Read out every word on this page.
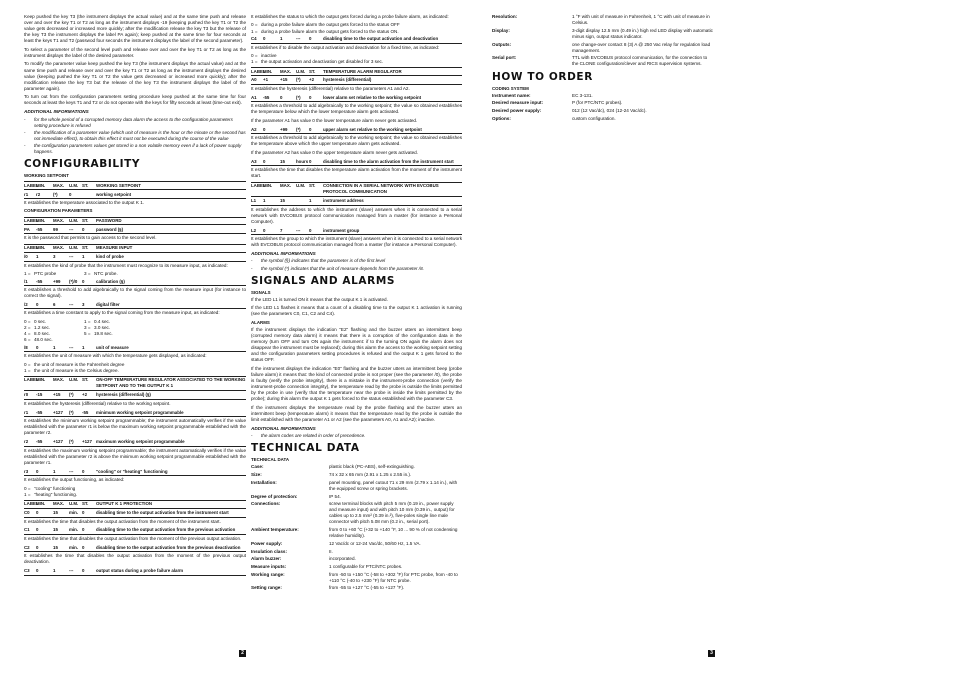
Keep pushed the key T3 (the instrument displays the actual value) and at the same time push and release over and over the key T1 or T2 as long as the instrument displays -19 (keeping pushed the key T1 or T2 the value gets decreased or increased more quickly; after the modification release the key T3 but the release of the key T3 the instrument displays the label PA again); keep pushed at the same time for four seconds at least the keys T1 and T2 (passwod four seconds the instrument displays the label of the second parameter).

To select a parameter of the second level push and release over and over the key T1 or T2 as long as the instrument displays the label of the desired parameter.

To modify the parameter value keep pushed the key T3 (the instrument displays the actual value) and at the same time push and release over and over the key T1 or T2 as long as the instrument displays the desired value (keeping pushed the key T1 or T2 the value gets decreased or increased more quickly); after the modification release the key T3 but the release of the key T3 the instrument displays the label of the parameter again).

To turn out from the configuration parameters setting procedure keep pushed at the same time for four seconds at least the keys T1 and T2 or do not operate with the keys for fifty seconds at least (time-out exit).

ADDITIONAL INFORMATIONS
-	for the whole period of a corrupted memory data alarm the access to the configuration parameters setting procedure is refused
-	the modification of a parameter value (which unit of measure is the hour or the minute or the second has not immediate effect), to obtain this effect it must not be executed during the course of the value
-	the configuration parameters values get stored in a non volatile memory even if a lack of power supply happens.
CONFIGURABILITY
WORKING SETPOINT
LABEL
MIN.	MAX.	U.M. ST.	WORKING SETPOINT
r1	r2	(*)	0	working setpoint

It establishes the temperature associated to the output K 1.

CONFIGURATION PARAMETERS
LABEL
MIN.	MAX.	U.M. ST.	PASSWORD
PA	-55	99	---	0	password (§)

It is the password that permits to gain access to the second level.

LABEL
MIN.	MAX.	U.M. ST.	MEASURE INPUT
/0	1	3	---	1	kind of probe

It establishes the kind of probe that the instrument must recognize to its measure input, as indicated:

1 = PTC probe	3 = NTC probe.
/1	-55	+99	(*)/0	0	calibration (§)

It establishes a threshold to add algebraically to the signal coming from the measure input (for instance to correct the signal).

/2	0	6	---	3	digital filter

It establishes a time constant to apply to the signal coming from the measure input, as indicated:

0 = 0 sec.	1 = 0.4 sec.
2 = 1.2 sec.	3 = 3.0 sec.
4 = 8.0 sec.	5 = 19.8 sec.
6 = 48.0 sec.
/8	0	1	---	1	unit of measure

It establishes the unit of measure with which the temperature gets displayed, as indicated:

0 = the unit of measure is the Fahrenheit degree
1 = the unit of measure is the Celsius degree.
LABEL
MIN.	MAX.	U.M. ST.	ON-OFF TEMPERATURE REGULATOR ASSOCIATED TO THE WORKING SETPOINT AND TO THE OUTPUT K 1
r0	-15	+15	(*)	+2	hysteresis (differential) (§)

It establishes the hysteresis (differential) relative to the working setpoint.

r1	-55	+127	(*)	-55	minimum working setpoint programmable

It establishes the minimum working setpoint programmable; the instrument automatically verifies if the value established with the parameter r1 is below the maximum working setpoint programmable established with the parameter r2.

r2	-55	+127	(*)	+127 maximum working setpoint programmable

It establishes the maximum working setpoint programmable; the instrument automatically verifies if the value established with the parameter r2 is above the minimum working setpoint programmable established with the parameter r1.

r3	0	1	---	0	"cooling" or "heating" functioning

It establishes the output functioning, as indicated:

0 = "cooling" functioning
1 = "heating" functioning.
LABEL
MIN.	MAX.	U.M. ST.	OUTPUT K 1 PROTECTION
C0	0	15	min. 0	disabling time to the output activation from the instrument start

It establishes the time that disables the output activation from the moment of the instrument start.

C1	0	15	min. 0	disabling time to the output activation from the previous activation

It establishes the time that disables the output activation from the moment of the previous output activation.

C2	0	15	min. 0	disabling time to the output activation from the previous deactivation

It establishes the time that disables the output activation from the moment of the previous output deactivation.

C3	0	1	---	0	output status during a probe failure alarm
2

It establishes the status to which the output gets forced during a probe failure alarm, as indicated:

0 = during a probe failure alarm the output gets forced to the status OFF
1 = during a probe failure alarm the output gets forced to the status ON.
C4	0	1	---	0	disabling time to the output activation and deactivation

It establishes if to disable the output activation and deactivation for a fixed time, as indicated:

0 = inactive
1 = the output activation and deactivation get disabled for 3 sec.
LABEL
MIN.	MAX.	U.M. ST.	TEMPERATURE ALARM REGULATOR
A0	+1	+15	(*)	+2	hysteresis (differential)

It establishes the hysteresis (differential) relative to the parameters A1 and A2.

A1	-55	0	(*)	0	lower alarm set relative to the working setpoint

It establishes a threshold to add algebraically to the working setpoint; the value so obtained establishes the temperature below which the lower temperature alarm gets activated.

If the parameter A1 has value 0 the lower temperature alarm never gets activated.

A2	0	+99	(*)	0	upper alarm set relative to the working setpoint

It establishes a threshold to add algebraically to the working setpoint; the value so obtained establishes the temperature above which the upper temperature alarm gets activated.

If the parameter A2 has value 0 the upper temperature alarm never gets activated.

A3	0	15	hours 0	disabling time to the alarm activation from the instrument start

It establishes the time that disables the temperature alarm activation from the moment of the instrument start.

LABEL
MIN.	MAX.	U.M. ST.	CONNECTION IN A SERIAL NETWORK WITH EVCOBUS PROTOCOL COMMUNICATION
L1	1	15	1	instrument address

It establishes the address to which the instrument (slave) answers when it is connected to a serial network with EVCOBUS protocol communication managed from a master (for instance a Personal Computer).

L2	0	7	---	0	instrument group

It establishes the group to which the instrument (slave) answers when it is connected to a serial network with EVCOBUS protocol communication managed from a master (for instance a Personal Computer).

ADDITIONAL INFORMATIONS
-	the symbol (§) indicates that the parameter is of the first level
-	the symbol (*) indicates that the unit of measure depends from the parameter /8.
SIGNALS AND ALARMS
SIGNALS

If the LED L1 is turned ON it means that the output K 1 is activated.

If the LED L1 flashes it means that a count of a disabling time to the output K 1 activation is running (see the parameters C0, C1, C2 and C4).

ALARMS

If the instrument displays the indication "E2" flashing and the buzzer utters an intermittent beep (corrupted memory data alarm) it means that there is a corruption of the configuration data in the memory (turn OFF and turn ON again the instrument: if to the turning ON again the alarm does not disappear the instrument must be replaced); during this alarm the access to the working setpoint setting and the configuration parameters setting procedures is refused and the output K 1 gets forced to the status OFF.

If the instrument displays the indication "E0" flashing and the buzzer utters an intermittent beep (probe failure alarm) it means that: the kind of connected probe is not proper (see the parameter /0), the probe is faulty (verify the probe integrity), there is a mistake in the instrument-probe connection (verify the instrument-probe connection integrity), the temperature read by the probe is outside the limits permitted by the probe in use (verify that the temperature near the probe is inside the limits permitted by the probe); during this alarm the output K 1 gets forced to the status established with the parameter C3.

If the instrument displays the temperature read by the probe flashing and the buzzer utters an intermittent beep (temperature alarm) it means that the temperature read by the probe is outside the limit established with the parameter A1 or A2 (see the parameters A0, A1 and A2); inactive.

ADDITIONAL INFORMATIONS
-	the alarm codes are related in order of precedence.
TECHNICAL DATA
TECHNICAL DATA
Case:	plastic black (PC-ABS), self-extinguishing.
Size:	74 x 32 x 65 mm (2.91 x 1.25 x 2.55 in.).
Installation:	panel mounting, panel cutout 71 x 29 mm (2.79 x 1.14 in.), with the equipped screw or spring brackets.
Degree of protection:	IP 54.
Connections:	screw terminal blocks with pitch 5 mm (0.19 in., power supply and measure input) and with pitch 10 mm (0.39 in., output) for cables up to 2.5 mm² (0.39 in.²), five-poles single line male connector with pitch 5.08 mm (0.2 in., serial port).
Ambient temperature:	from 0 to +60 °C (+32 to +140 °F, 10 ... 90 % of not condensing relative humidity).
Power supply:	12 Vac/dc or 12-24 Vac/dc, 50/60 Hz, 1.5 VA.
Insulation class:	II.
Alarm buzzer:	incorporated.
Measure inputs:	1 configurable for PTC/NTC probes.
Working range:	from -50 to +150 °C (-58 to +302 °F) for PTC probe, from -40 to +110 °C (-40 to +230 °F) for NTC probe.
Setting range:	from -55 to +127 °C (-55 to +127 °F).
Resolution:	1 °F with unit of measure in Fahrenheit, 1 °C with unit of measure in Celsius.
Display:	3-digit display 12.5 mm (0.49 in.) high red LED display with automatic minus sign, output status indicator.
Outputs:	one change-over contact 8 (3) A @ 250 Vac relay for regulation load management.
Serial port:	TTL with EVCOBUS protocol communication, for the connection to the CLONE configuration/clever and RICS supervision systems.
HOW TO ORDER
CODING SYSTEM
Instrument name:	EC 3-131.
Desired measure input:	P (for PTC/NTC probes).
Desired power supply:	012 (12 Vac/dc), 024 (12-24 Vac/dc).
Options:	custom configuration.
3
